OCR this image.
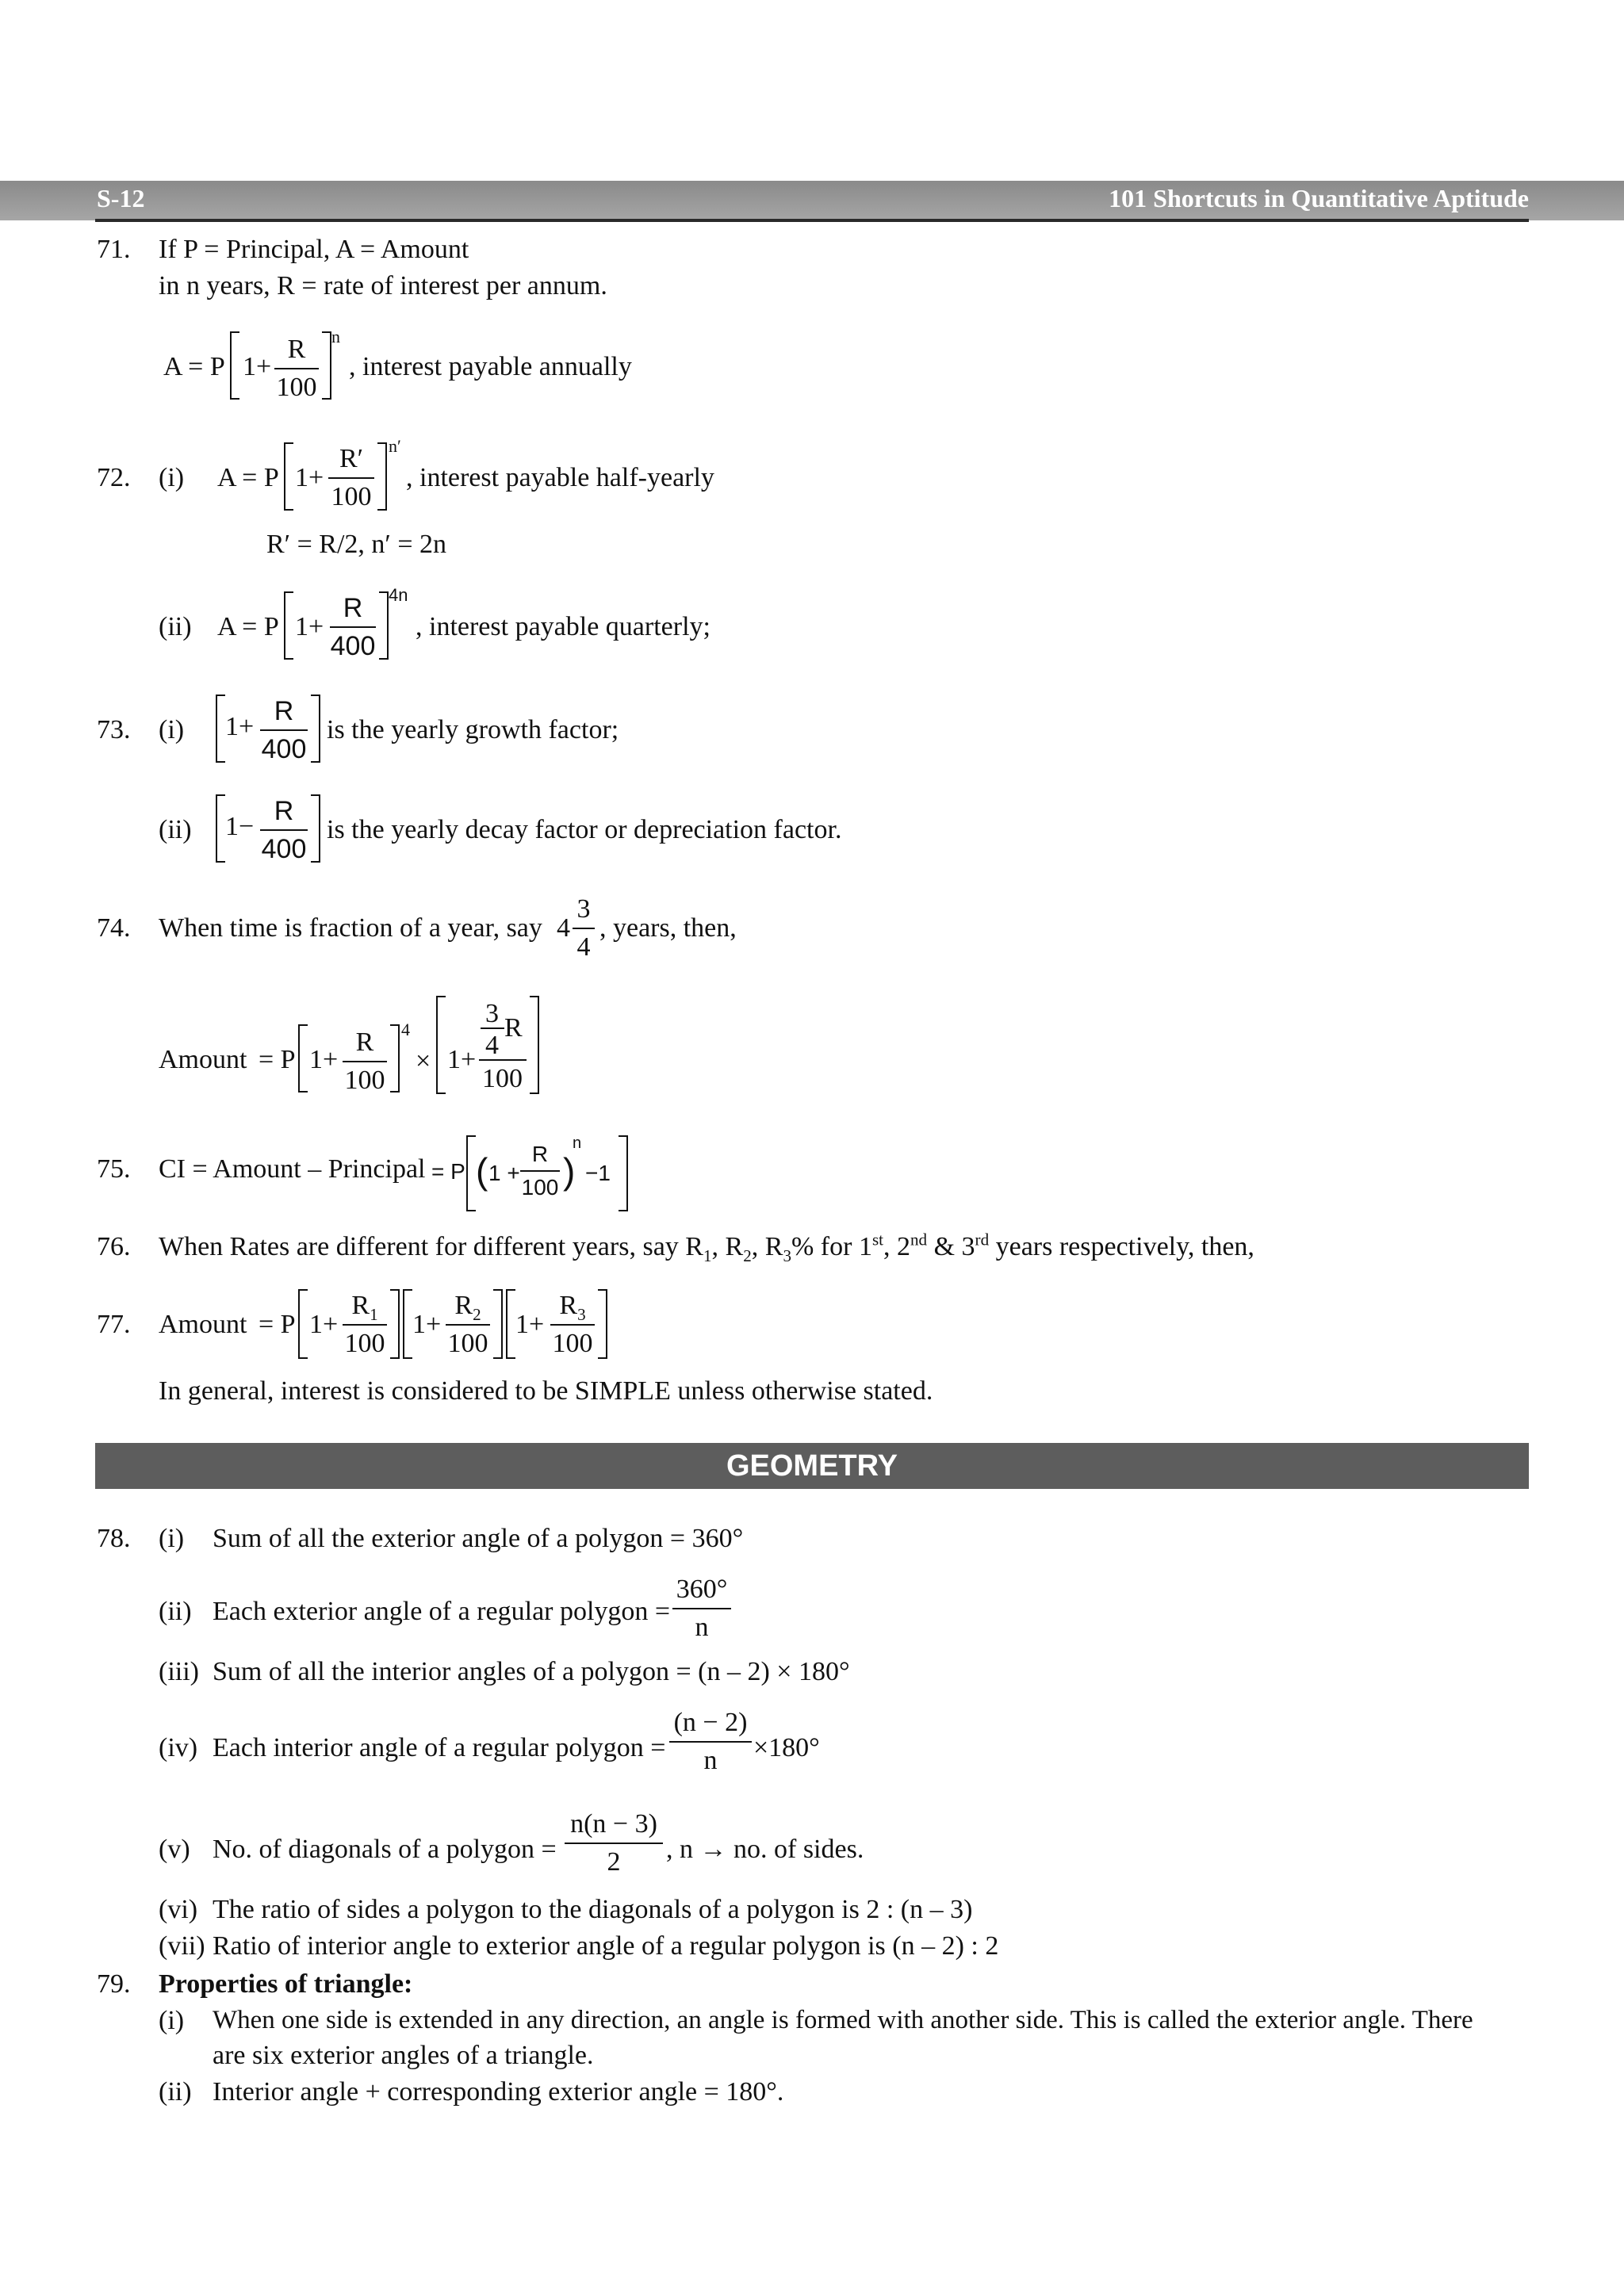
S-12	101 Shortcuts in Quantitative Aptitude
71. If P = Principal, A = Amount
in n years, R = rate of interest per annum.
A = P $1+ \frac{R}{100}$ n
, interest payable annually
72. (i) A = P $1+ \frac{R'}{100} n'$
, interest payable half-yearly
R′ = R/2, n′ = 2n
(ii) A = P $1+ \frac{R}{400} 4n$
, interest payable quarterly;
73. (i) $1+ \frac{R}{400}$ is the yearly growth factor;
(ii) $1- \frac{R}{400}$ is the yearly decay factor or depreciation factor.
74. When time is fraction of a year, say $4 \frac{3}{4}$ , years, then,
Amount = P $1+ \frac{R}{100} 4$
× 1+
3 R
4
100
75. CI = Amount – Principal = P ( $1 + \frac{R}{100}$ )
n
−1
76. When Rates are different for different years, say $R_1$, $R_2$, $R_3\%$ for 1st, 2nd & 3rd years respectively, then,
77. Amount = P $1+ \frac{R_1}{100} 1+ \frac{R_2}{100} 1+ \frac{R_3}{100}$
In general, interest is considered to be SIMPLE unless otherwise stated.
GEOMETRY
78. (i) Sum of all the exterior angle of a polygon = 360°
(ii) Each exterior angle of a regular polygon = $\frac{360^\circ}{n}$
(iii) Sum of all the interior angles of a polygon = (n – 2) × 180°
(iv) Each interior angle of a regular polygon = $\frac{(n - 2)}{n} \times 180^\circ$
(v) No. of diagonals of a polygon = $\frac{n(n - 3)}{2}$ , n → no. of sides.
(vi) The ratio of sides a polygon to the diagonals of a polygon is 2 : (n – 3)
(vii) Ratio of interior angle to exterior angle of a regular polygon is (n – 2) : 2
79. Properties of triangle:
(i) When one side is extended in any direction, an angle is formed with another side. This is called the exterior angle. There
are six exterior angles of a triangle.
(ii) Interior angle + corresponding exterior angle = 180°.
